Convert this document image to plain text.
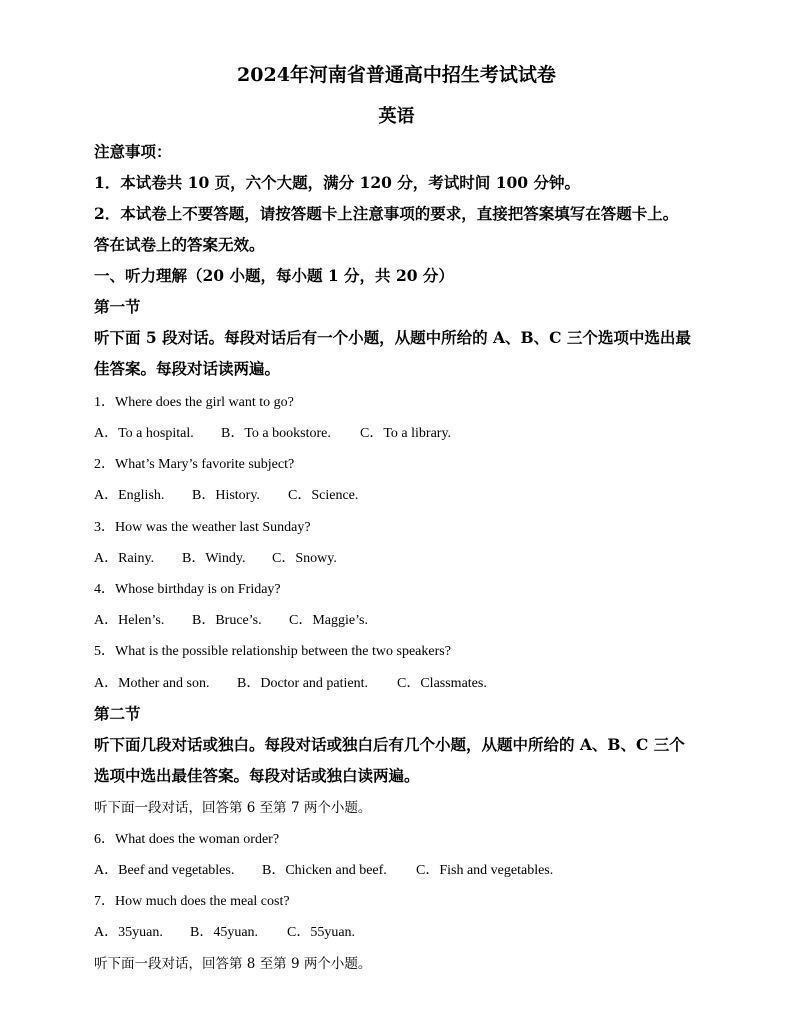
2024年河南省普通高中招生考试试卷
英语
注意事项：
1．本试卷共 10 页，六个大题，满分 120 分，考试时间 100 分钟。
2．本试卷上不要答题，请按答题卡上注意事项的要求，直接把答案填写在答题卡上。
答在试卷上的答案无效。
一、听力理解（20 小题，每小题 1 分，共 20 分）
第一节
听下面 5 段对话。每段对话后有一个小题，从题中所给的 A、B、C 三个选项中选出最
佳答案。每段对话读两遍。
1．Where does the girl want to go?
A．To a hospital. B．To a bookstore. C．To a library.
2．What’s Mary’s favorite subject?
A．English. B．History. C．Science.
3．How was the weather last Sunday?
A．Rainy. B．Windy. C．Snowy.
4．Whose birthday is on Friday?
A．Helen’s. B．Bruce’s. C．Maggie’s.
5．What is the possible relationship between the two speakers?
A．Mother and son. B．Doctor and patient. C．Classmates.
第二节
听下面几段对话或独白。每段对话或独白后有几个小题，从题中所给的 A、B、C 三个
选项中选出最佳答案。每段对话或独白读两遍。
听下面一段对话，回答第 6 至第 7 两个小题。
6．What does the woman order?
A．Beef and vegetables. B．Chicken and beef. C．Fish and vegetables.
7．How much does the meal cost?
A．35yuan. B．45yuan. C．55yuan.
听下面一段对话，回答第 8 至第 9 两个小题。
